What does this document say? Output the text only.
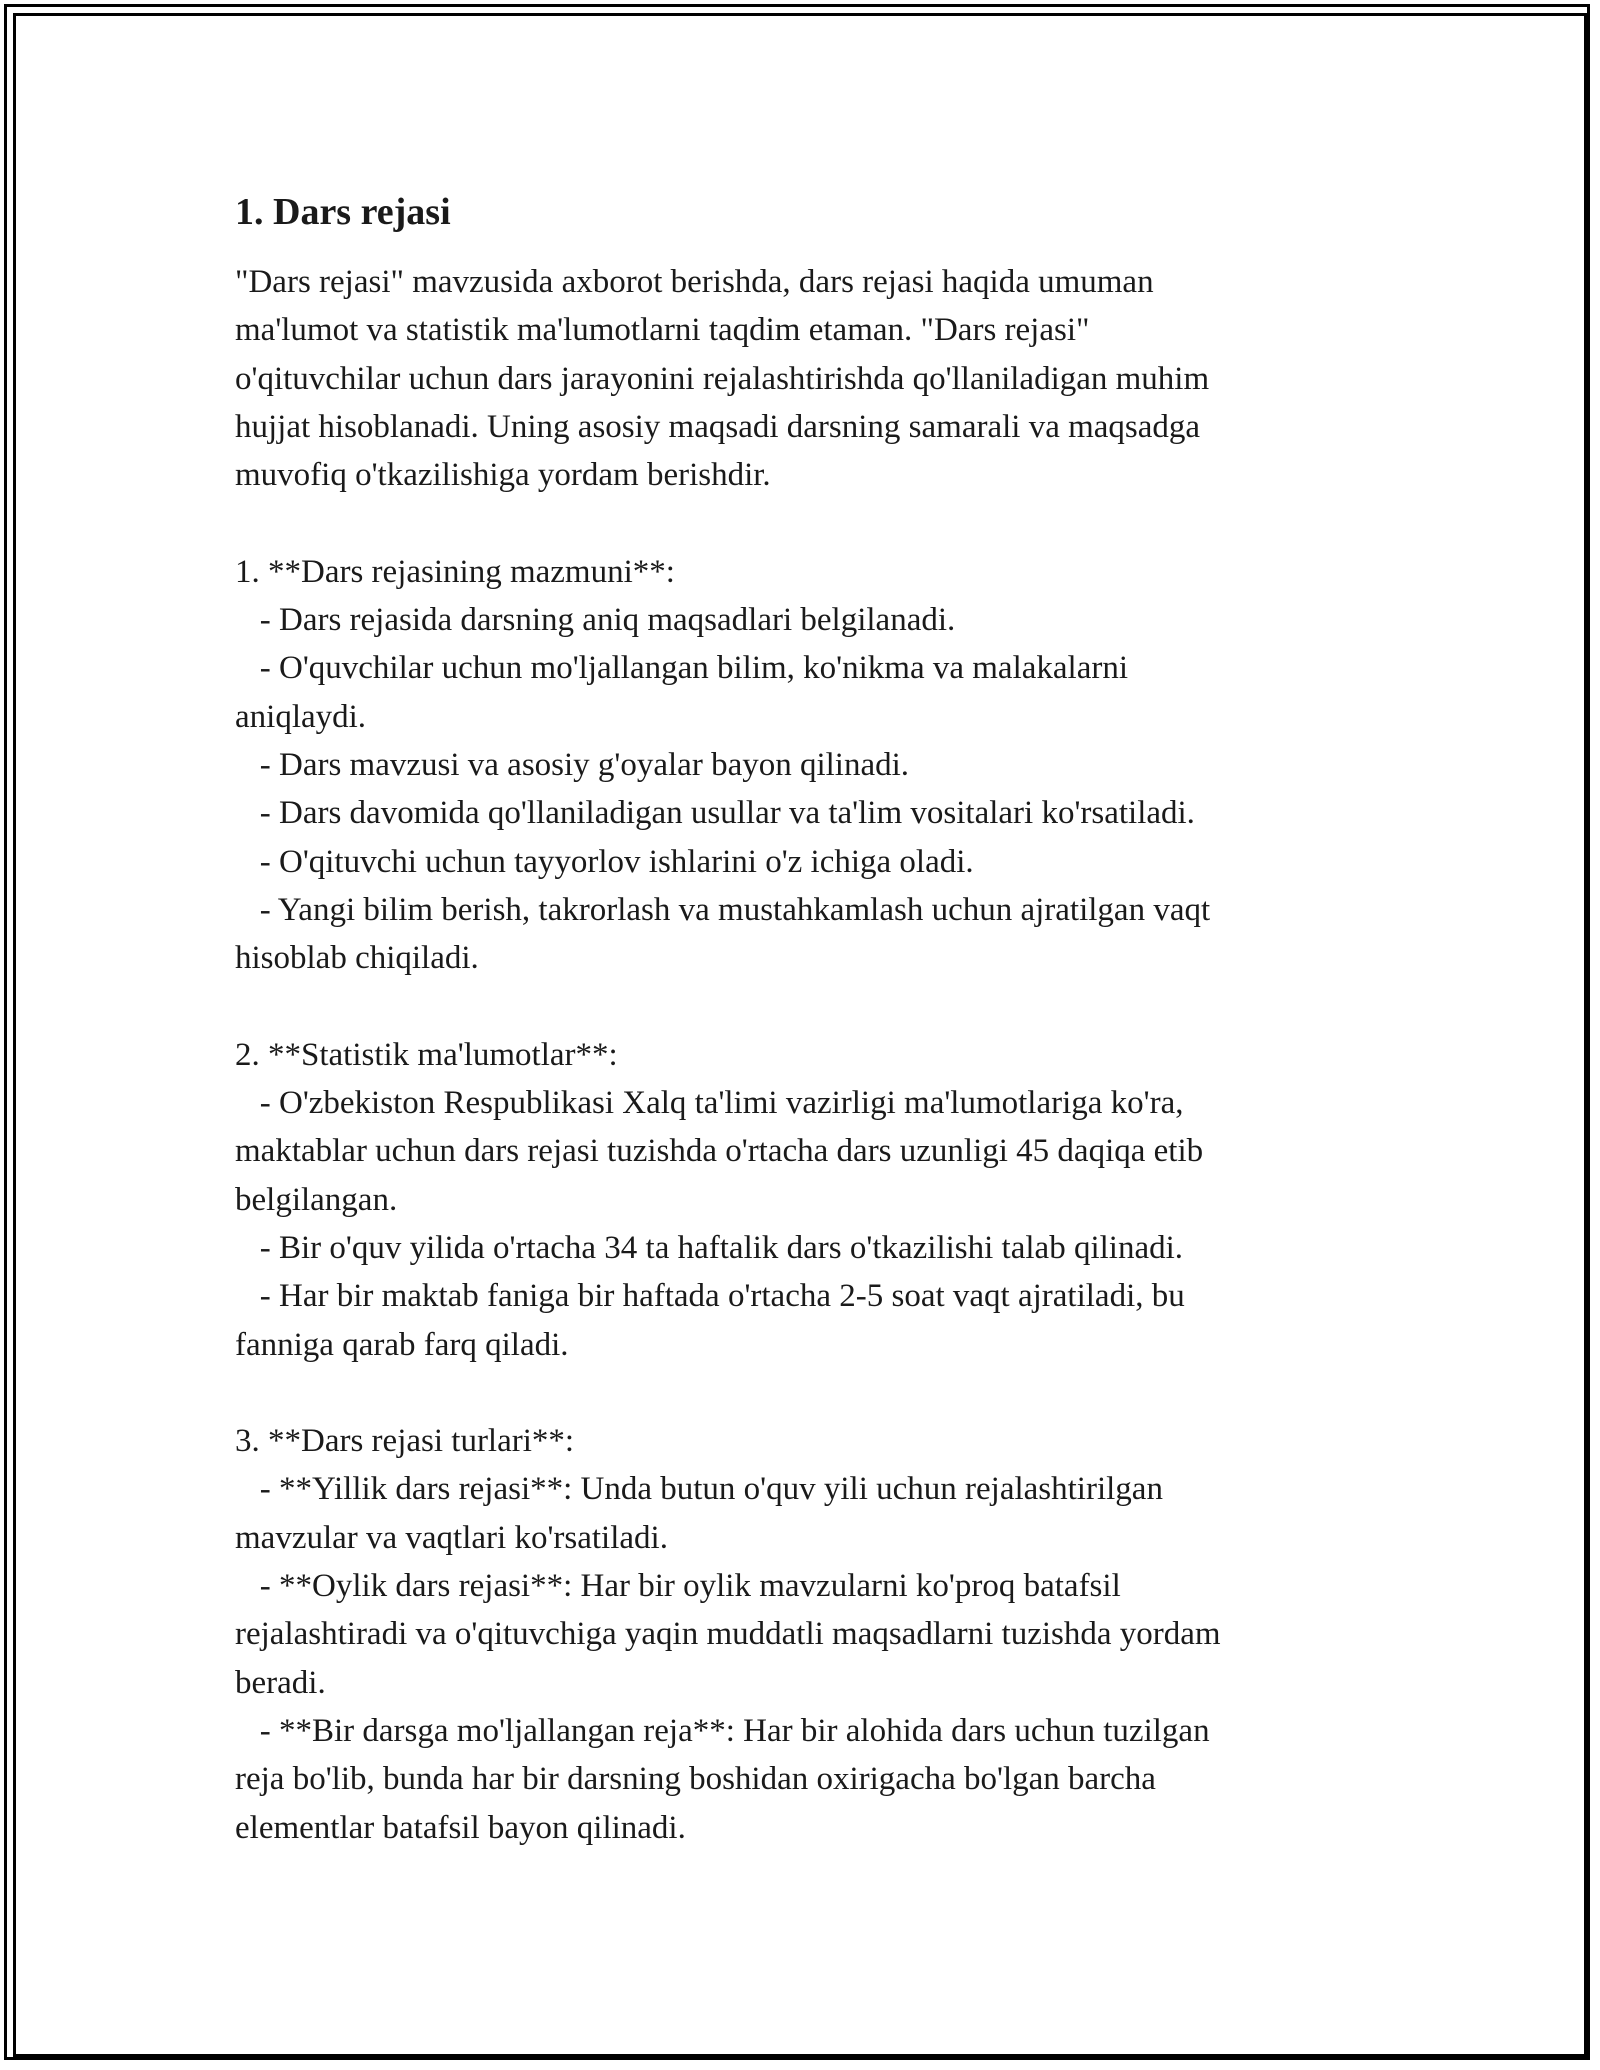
1. Dars rejasi

"Dars rejasi" mavzusida axborot berishda, dars rejasi haqida umuman
ma'lumot va statistik ma'lumotlarni taqdim etaman. "Dars rejasi"
o'qituvchilar uchun dars jarayonini rejalashtirishda qo'llaniladigan muhim
hujjat hisoblanadi. Uning asosiy maqsadi darsning samarali va maqsadga
muvofiq o'tkazilishiga yordam berishdir.

1. **Dars rejasining mazmuni**:
- Dars rejasida darsning aniq maqsadlari belgilanadi.
- O'quvchilar uchun mo'ljallangan bilim, ko'nikma va malakalarni
aniqlaydi.
- Dars mavzusi va asosiy g'oyalar bayon qilinadi.
- Dars davomida qo'llaniladigan usullar va ta'lim vositalari ko'rsatiladi.
- O'qituvchi uchun tayyorlov ishlarini o'z ichiga oladi.
- Yangi bilim berish, takrorlash va mustahkamlash uchun ajratilgan vaqt
hisoblab chiqiladi.

2. **Statistik ma'lumotlar**:
- O'zbekiston Respublikasi Xalq ta'limi vazirligi ma'lumotlariga ko'ra,
maktablar uchun dars rejasi tuzishda o'rtacha dars uzunligi 45 daqiqa etib
belgilangan.
- Bir o'quv yilida o'rtacha 34 ta haftalik dars o'tkazilishi talab qilinadi.
- Har bir maktab faniga bir haftada o'rtacha 2-5 soat vaqt ajratiladi, bu
fanniga qarab farq qiladi.

3. **Dars rejasi turlari**:
- **Yillik dars rejasi**: Unda butun o'quv yili uchun rejalashtirilgan
mavzular va vaqtlari ko'rsatiladi.
- **Oylik dars rejasi**: Har bir oylik mavzularni ko'proq batafsil
rejalashtiradi va o'qituvchiga yaqin muddatli maqsadlarni tuzishda yordam
beradi.
- **Bir darsga mo'ljallangan reja**: Har bir alohida dars uchun tuzilgan
reja bo'lib, bunda har bir darsning boshidan oxirigacha bo'lgan barcha
elementlar batafsil bayon qilinadi.
